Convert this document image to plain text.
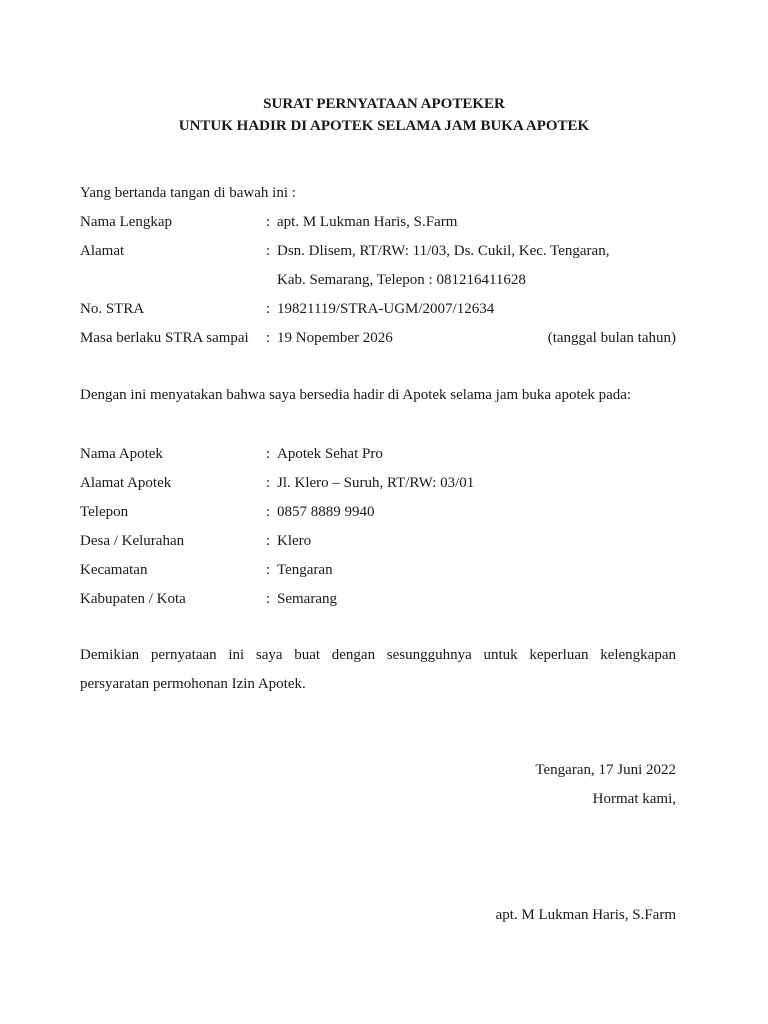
SURAT PERNYATAAN APOTEKER
UNTUK HADIR DI APOTEK SELAMA JAM BUKA APOTEK
Yang bertanda tangan di bawah ini :
Nama Lengkap	: apt. M Lukman Haris, S.Farm
Alamat	: Dsn. Dlisem, RT/RW: 11/03, Ds. Cukil, Kec. Tengaran,
Kab. Semarang, Telepon : 081216411628
No. STRA	: 19821119/STRA-UGM/2007/12634
Masa berlaku STRA sampai : 19 Nopember 2026	(tanggal bulan tahun)
Dengan ini menyatakan bahwa saya bersedia hadir di Apotek selama jam buka apotek pada:
Nama Apotek	: Apotek Sehat Pro
Alamat Apotek	: Jl. Klero – Suruh, RT/RW: 03/01
Telepon	: 0857 8889 9940
Desa / Kelurahan	: Klero
Kecamatan	: Tengaran
Kabupaten / Kota	: Semarang
Demikian pernyataan ini saya buat dengan sesungguhnya untuk keperluan kelengkapan persyaratan permohonan Izin Apotek.
Tengaran, 17 Juni 2022
Hormat kami,
apt. M Lukman Haris, S.Farm
